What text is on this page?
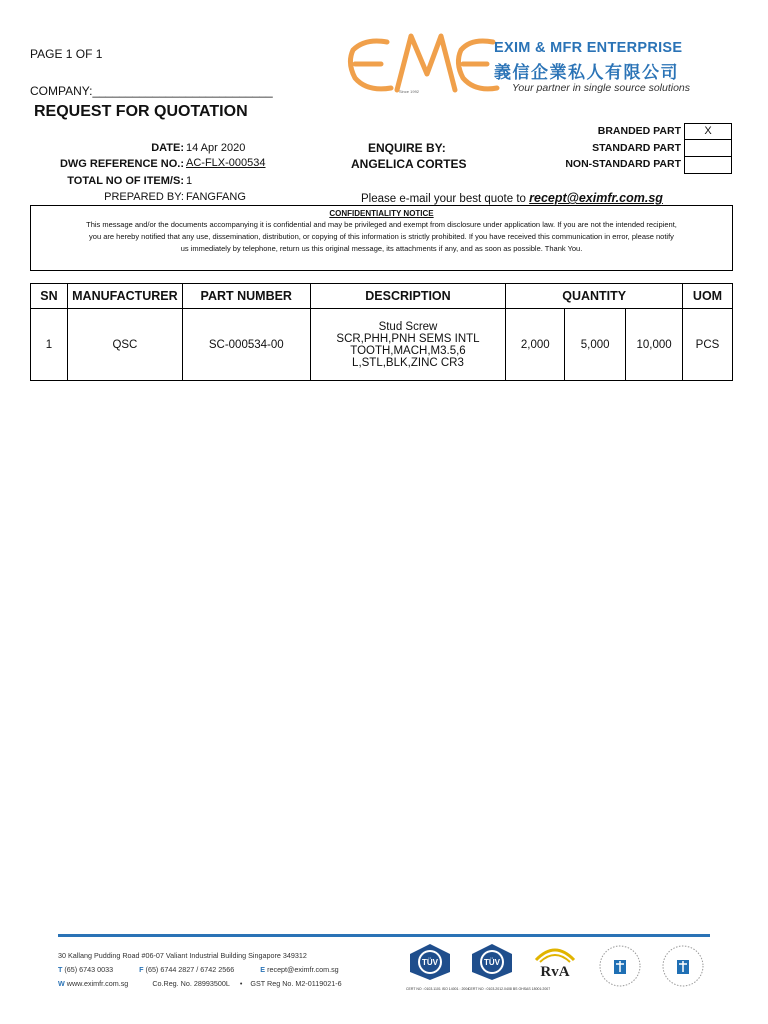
PAGE 1 OF 1
COMPANY:___________________________
REQUEST FOR QUOTATION
EXIM & MFR ENTERPRISE
義信企業私人有限公司
Your partner in single source solutions
Since 1992
DATE: 14 Apr 2020
DWG REFERENCE NO.: AC-FLX-000534
TOTAL NO OF ITEM/S: 1
PREPARED BY: FANGFANG
ENQUIRE BY:
ANGELICA CORTES
Please e-mail your best quote to recept@eximfr.com.sg
BRANDED PART	X
STANDARD PART
NON-STANDARD PART
CONFIDENTIALITY NOTICE
This message and/or the documents accompanying it is confidential and may be privileged and exempt from disclosure under application law. If you are not the intended recipient,
you are hereby notified that any use, dissemination, distribution, or copying of this information is strictly prohibited. If you have received this communication in error, please notify
us immediately by telephone, return us this original message, its attachments if any, and as soon as possible. Thank You.
SN	MANUFACTURER	PART NUMBER	DESCRIPTION	QUANTITY			UOM
1	QSC	SC-000534-00	Stud Screw
SCR,PHH,PNH SEMS INTL
TOOTH,MACH,M3.5,6 L,STL,BLK,ZINC CR3	2,000	5,000	10,000	PCS
30 Kallang Pudding Road #06-07 Valiant Industrial Building Singapore 349312
T (65) 6743 0033	F (65) 6744 2827 / 6742 2566	E recept@eximfr.com.sg
W www.eximfr.com.sg	Co.Reg. No. 28993500L • GST Reg No. M2-0119021-6
TÜV
CERT NO : 0103.1101 ISO 14001 : 2004
TÜV
CERT NO : 0103.2012.0408 BS OHSAS 18001:2007
RvA
